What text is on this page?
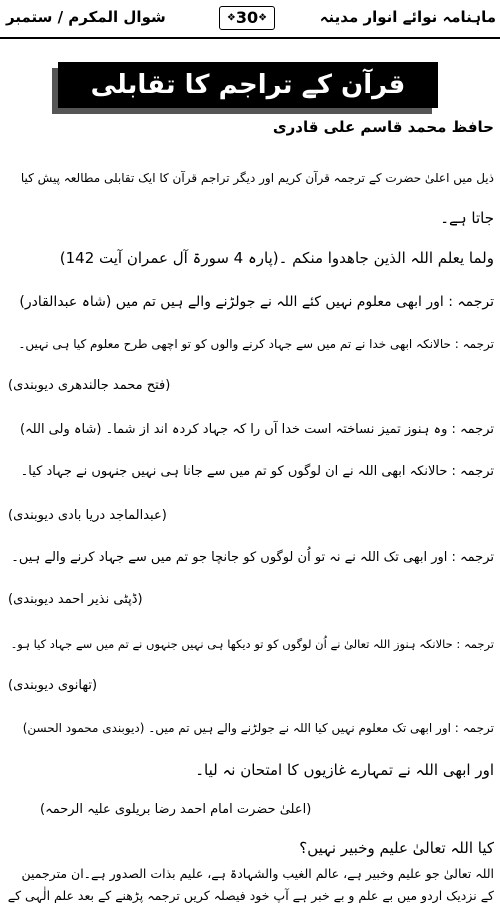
ماہنامہ نوائے انوار مدینہ
❖30❖
شوال المکرم / ستمبر
قرآن کے تراجم کا تقابلی جائزہ
حافظ محمد قاسم علی قادری
ذیل میں اعلیٰ حضرت کے ترجمہ قرآن کریم اور دیگر تراجم قرآن کا ایک تقابلی مطالعہ پیش کیا
جاتا ہے۔
ولما یعلم اللہ الذین جاھدوا منکم ۔(پارہ 4 سورۃ آل عمران آیت 142)
ترجمہ : اور ابھی معلوم نہیں کئے اللہ نے جولڑنے والے ہیں تم میں (شاہ عبدالقادر)
ترجمہ : حالانکہ ابھی خدا نے تم میں سے جہاد کرنے والوں کو تو اچھی طرح معلوم کیا ہی نہیں۔
(فتح محمد جالندھری دیوبندی)
ترجمہ : وہ ہنوز تمیز نساختہ است خدا آں را کہ جہاد کردہ اند از شما۔ (شاہ ولی اللہ)
ترجمہ : حالانکہ ابھی اللہ نے ان لوگوں کو تم میں سے جانا ہی نہیں جنہوں نے جہاد کیا۔
(عبدالماجد دریا بادی دیوبندی)
ترجمہ : اور ابھی تک اللہ نے نہ تو اُن لوگوں کو جانچا جو تم میں سے جہاد کرنے والے ہیں۔
(ڈپٹی نذیر احمد دیوبندی)
ترجمہ : حالانکہ ہنوز اللہ تعالیٰ نے اُن لوگوں کو تو دیکھا ہی نہیں جنہوں نے تم میں سے جہاد کیا ہو۔
(تھانوی دیوبندی)
ترجمہ : اور ابھی تک معلوم نہیں کیا اللہ نے جولڑنے والے ہیں تم میں۔ (دیوبندی محمود الحسن)
اور ابھی اللہ نے تمہارے غازیوں کا امتحان نہ لیا۔
(اعلیٰ حضرت امام احمد رضا بریلوی علیہ الرحمہ)
کیا اللہ تعالیٰ علیم وخبیر نہیں؟
اللہ تعالیٰ جو علیم وخبیر ہے، عالم الغیب والشہادۃ ہے، علیم بذات الصدور ہے۔ان مترجمین
کے نزدیک اردو میں بے علم و بے خبر ہے آپ خود فیصلہ کریں ترجمہ پڑھنے کے بعد علم الٰہی کے
